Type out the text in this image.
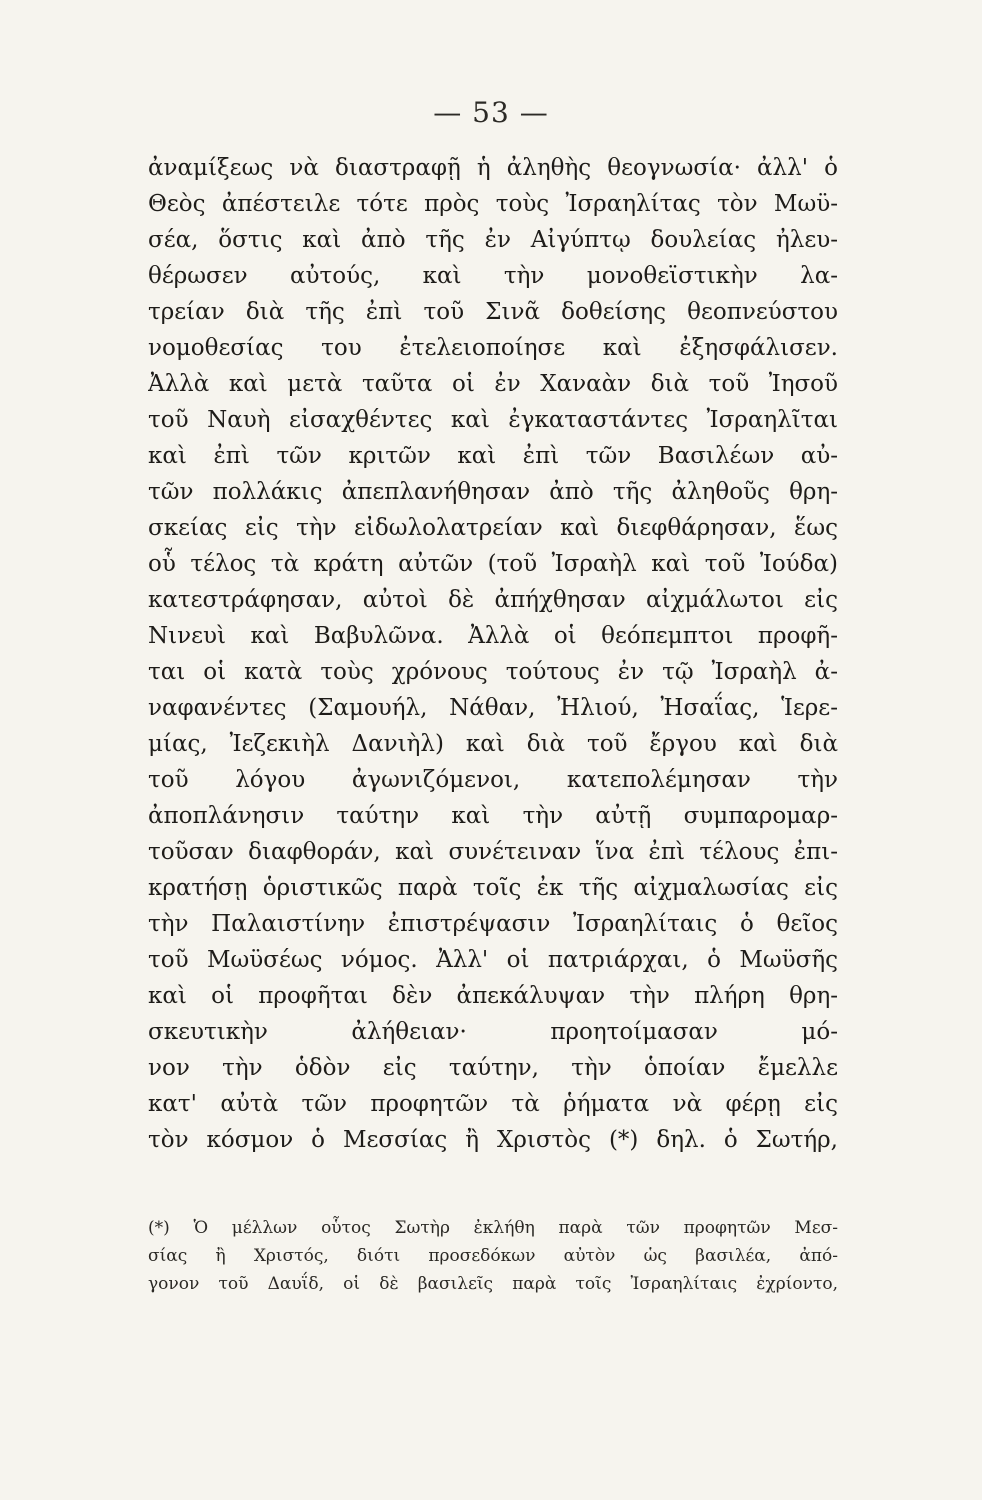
— 53 —
ἀναμίξεως νὰ διαστραφῇ ἡ ἀληθὴς θεογνωσία· ἀλλ' ὁ
Θεὸς ἀπέστειλε τότε πρὸς τοὺς Ἰσραηλίτας τὸν Μωϋ-
σέα, ὅστις καὶ ἀπὸ τῆς ἐν Αἰγύπτῳ δουλείας ἠλευ-
θέρωσεν αὐτούς, καὶ τὴν μονοθεϊστικὴν λα-
τρείαν διὰ τῆς ἐπὶ τοῦ Σινᾶ δοθείσης θεοπνεύστου
νομοθεσίας του ἐτελειοποίησε καὶ ἐξησφάλισεν.
Ἀλλὰ καὶ μετὰ ταῦτα οἱ ἐν Χαναὰν διὰ τοῦ Ἰησοῦ
τοῦ Ναυὴ εἰσαχθέντες καὶ ἐγκαταστάντες Ἰσραηλῖται
καὶ ἐπὶ τῶν κριτῶν καὶ ἐπὶ τῶν Βασιλέων αὐ-
τῶν πολλάκις ἀπεπλανήθησαν ἀπὸ τῆς ἀληθοῦς θρη-
σκείας εἰς τὴν εἰδωλολατρείαν καὶ διεφθάρησαν, ἕως
οὗ τέλος τὰ κράτη αὐτῶν (τοῦ Ἰσραὴλ καὶ τοῦ Ἰούδα)
κατεστράφησαν, αὐτοὶ δὲ ἀπήχθησαν αἰχμάλωτοι εἰς
Νινευὶ καὶ Βαβυλῶνα. Ἀλλὰ οἱ θεόπεμπτοι προφῆ-
ται οἱ κατὰ τοὺς χρόνους τούτους ἐν τῷ Ἰσραὴλ ἀ-
ναφανέντες (Σαμουήλ, Νάθαν, Ἠλιού, Ἠσαΐας, Ἱερε-
μίας, Ἰεζεκιὴλ Δανιὴλ) καὶ διὰ τοῦ ἔργου καὶ διὰ
τοῦ λόγου ἀγωνιζόμενοι, κατεπολέμησαν τὴν
ἀποπλάνησιν ταύτην καὶ τὴν αὐτῇ συμπαρομαρ-
τοῦσαν διαφθοράν, καὶ συνέτειναν ἵνα ἐπὶ τέλους ἐπι-
κρατήσῃ ὁριστικῶς παρὰ τοῖς ἐκ τῆς αἰχμαλωσίας εἰς
τὴν Παλαιστίνην ἐπιστρέψασιν Ἰσραηλίταις ὁ θεῖος
τοῦ Μωϋσέως νόμος. Ἀλλ' οἱ πατριάρχαι, ὁ Μωϋσῆς
καὶ οἱ προφῆται δὲν ἀπεκάλυψαν τὴν πλήρη θρη-
σκευτικὴν ἀλήθειαν· προητοίμασαν μό-
νον τὴν ὁδὸν εἰς ταύτην, τὴν ὁποίαν ἔμελλε
κατ' αὐτὰ τῶν προφητῶν τὰ ῥήματα νὰ φέρῃ εἰς
τὸν κόσμον ὁ Μεσσίας ἢ Χριστὸς (*) δηλ. ὁ Σωτήρ,
(*) Ὁ μέλλων οὗτος Σωτὴρ ἐκλήθη παρὰ τῶν προφητῶν Μεσ-
σίας ἢ Χριστός, διότι προσεδόκων αὐτὸν ὡς βασιλέα, ἀπό-
γονον τοῦ Δαυΐδ, οἱ δὲ βασιλεῖς παρὰ τοῖς Ἰσραηλίταις ἐχρίοντο,
